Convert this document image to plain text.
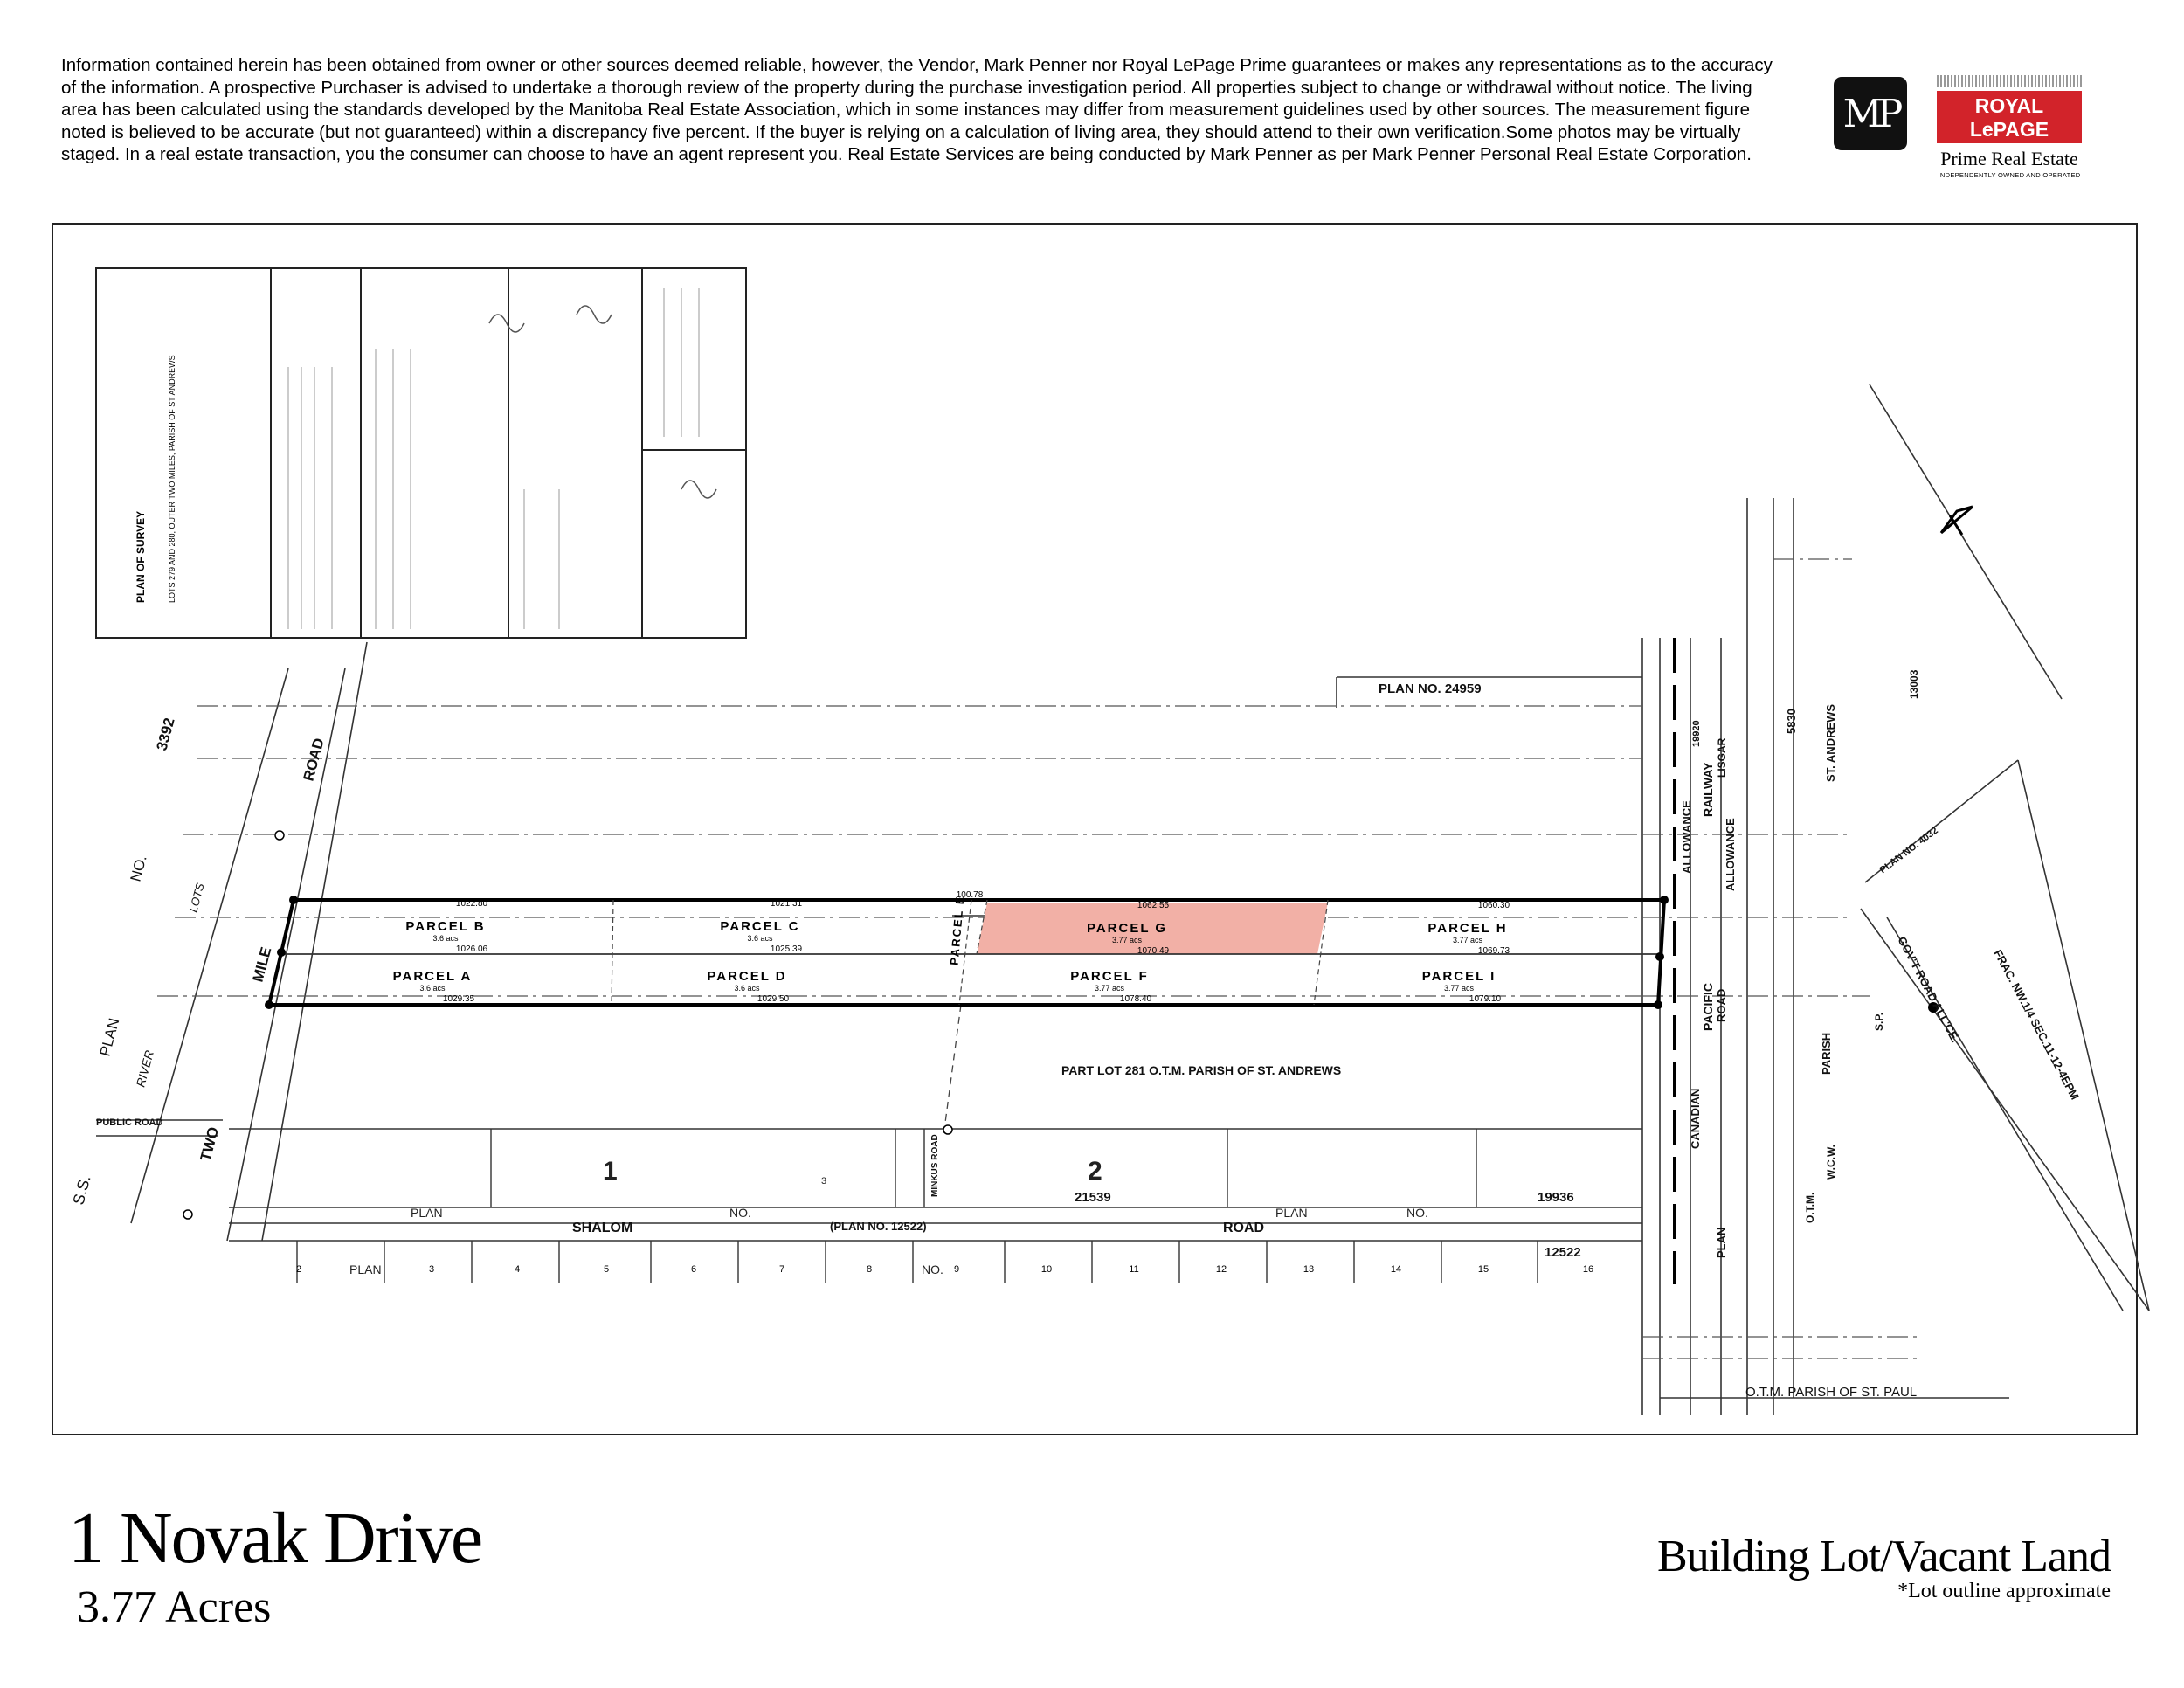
Information contained herein has been obtained from owner or other sources deemed reliable, however, the Vendor, Mark Penner nor Royal LePage Prime guarantees or makes any representations as to the accuracy of the information. A prospective Purchaser is advised to undertake a thorough review of the property during the purchase investigation period. All properties subject to change or withdrawal without notice. The living area has been calculated using the standards developed by the Manitoba Real Estate Association, which in some instances may differ from measurement guidelines used by other sources. The measurement figure noted is believed to be accurate (but not guaranteed) within a discrepancy five percent. If the buyer is relying on a calculation of living area, they should attend to their own verification.Some photos may be virtually staged. In a real estate transaction, you the consumer can choose to have an agent represent you. Real Estate Services are being conducted by Mark Penner as per Mark Penner Personal Real Estate Corporation.
MP	ROYAL LePAGE
Prime Real Estate
INDEPENDENTLY OWNED AND OPERATED
PLAN OF SURVEY	LOTS 279 AND 280, OUTER TWO MILES, PARISH OF ST ANDREWS
PLAN NO. 24959
PART LOT 281 O.T.M. PARISH OF ST. ANDREWS
SHALOM	ROAD
(PLAN NO. 12522)
21539	19936
12522
PUBLIC ROAD
O.T.M. PARISH OF ST. PAUL
3392
MILE
TWO
ROAD
ALLOWANCE	ALLOWANCE
PACIFIC
RAILWAY
LISGAR
5830 ST. ANDREWS
PARISH
W.C.W.
O.T.M.
S.P.	FRAC. NW.1/4 SEC.11-12-4EPM
GOV'T ROAD ALL'CE.
PLAN NO. 4032
13003
19920
ROAD
CANADIAN
PLAN
MINKUS ROAD
S.S.
PLAN
NO.
RIVER
LOTS
PLAN	NO.	PLAN	NO.
PLAN	NO.
1	2
3
PARCEL B
3.6 acs
1022.80
1026.06
PARCEL C
3.6 acs
1021.31
1025.39	PARCEL E
100.78
PARCEL G
3.77 acs
1062.55
1070.49
PARCEL H
3.77 acs
1060.30
1069.73
PARCEL A
3.6 acs
1029.35
PARCEL D
3.6 acs
1029.50
PARCEL F
3.77 acs
1078.40
PARCEL I
3.77 acs
1079.10
2	3	4	5	6	7	8	9	10	11	12	13	14	15	16
1 Novak Drive
3.77 Acres
Building Lot/Vacant Land
*Lot outline approximate
